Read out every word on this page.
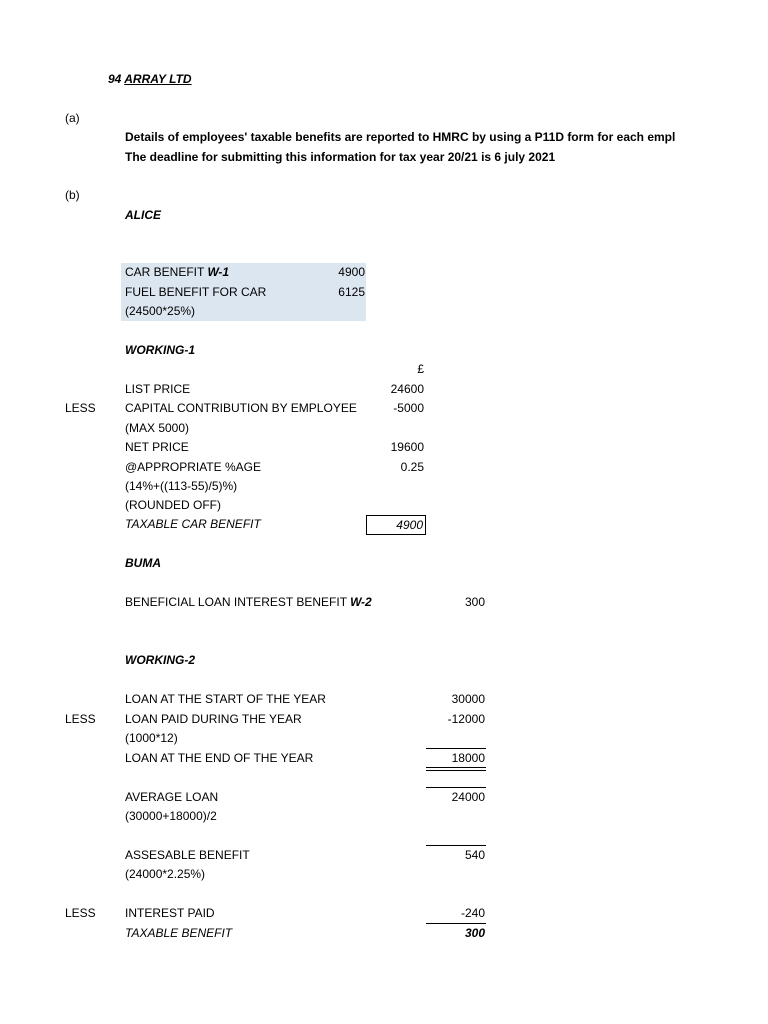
94 ARRAY LTD
(a)
Details of employees' taxable benefits are reported to HMRC by using a P11D form for each empl
The deadline for submitting this information for tax year 20/21 is 6 july 2021
(b)
ALICE
CAR BENEFIT W-1	4900
FUEL BENEFIT FOR CAR	6125
(24500*25%)
WORKING-1
£
LIST PRICE	24600
LESS CAPITAL CONTRIBUTION BY EMPLOYEE	-5000
(MAX 5000)
NET PRICE	19600
@APPROPRIATE %AGE	0.25
(14%+((113-55)/5)%)
(ROUNDED OFF)
TAXABLE CAR BENEFIT	4900
BUMA
BENEFICIAL LOAN INTEREST BENEFIT W-2	300
WORKING-2
LOAN AT THE START OF THE YEAR	30000
LESS LOAN PAID DURING THE YEAR	-12000
(1000*12)
LOAN AT THE END OF THE YEAR	18000
AVERAGE LOAN	24000
(30000+18000)/2
ASSESABLE BENEFIT	540
(24000*2.25%)
LESS INTEREST PAID	-240
TAXABLE BENEFIT	300
